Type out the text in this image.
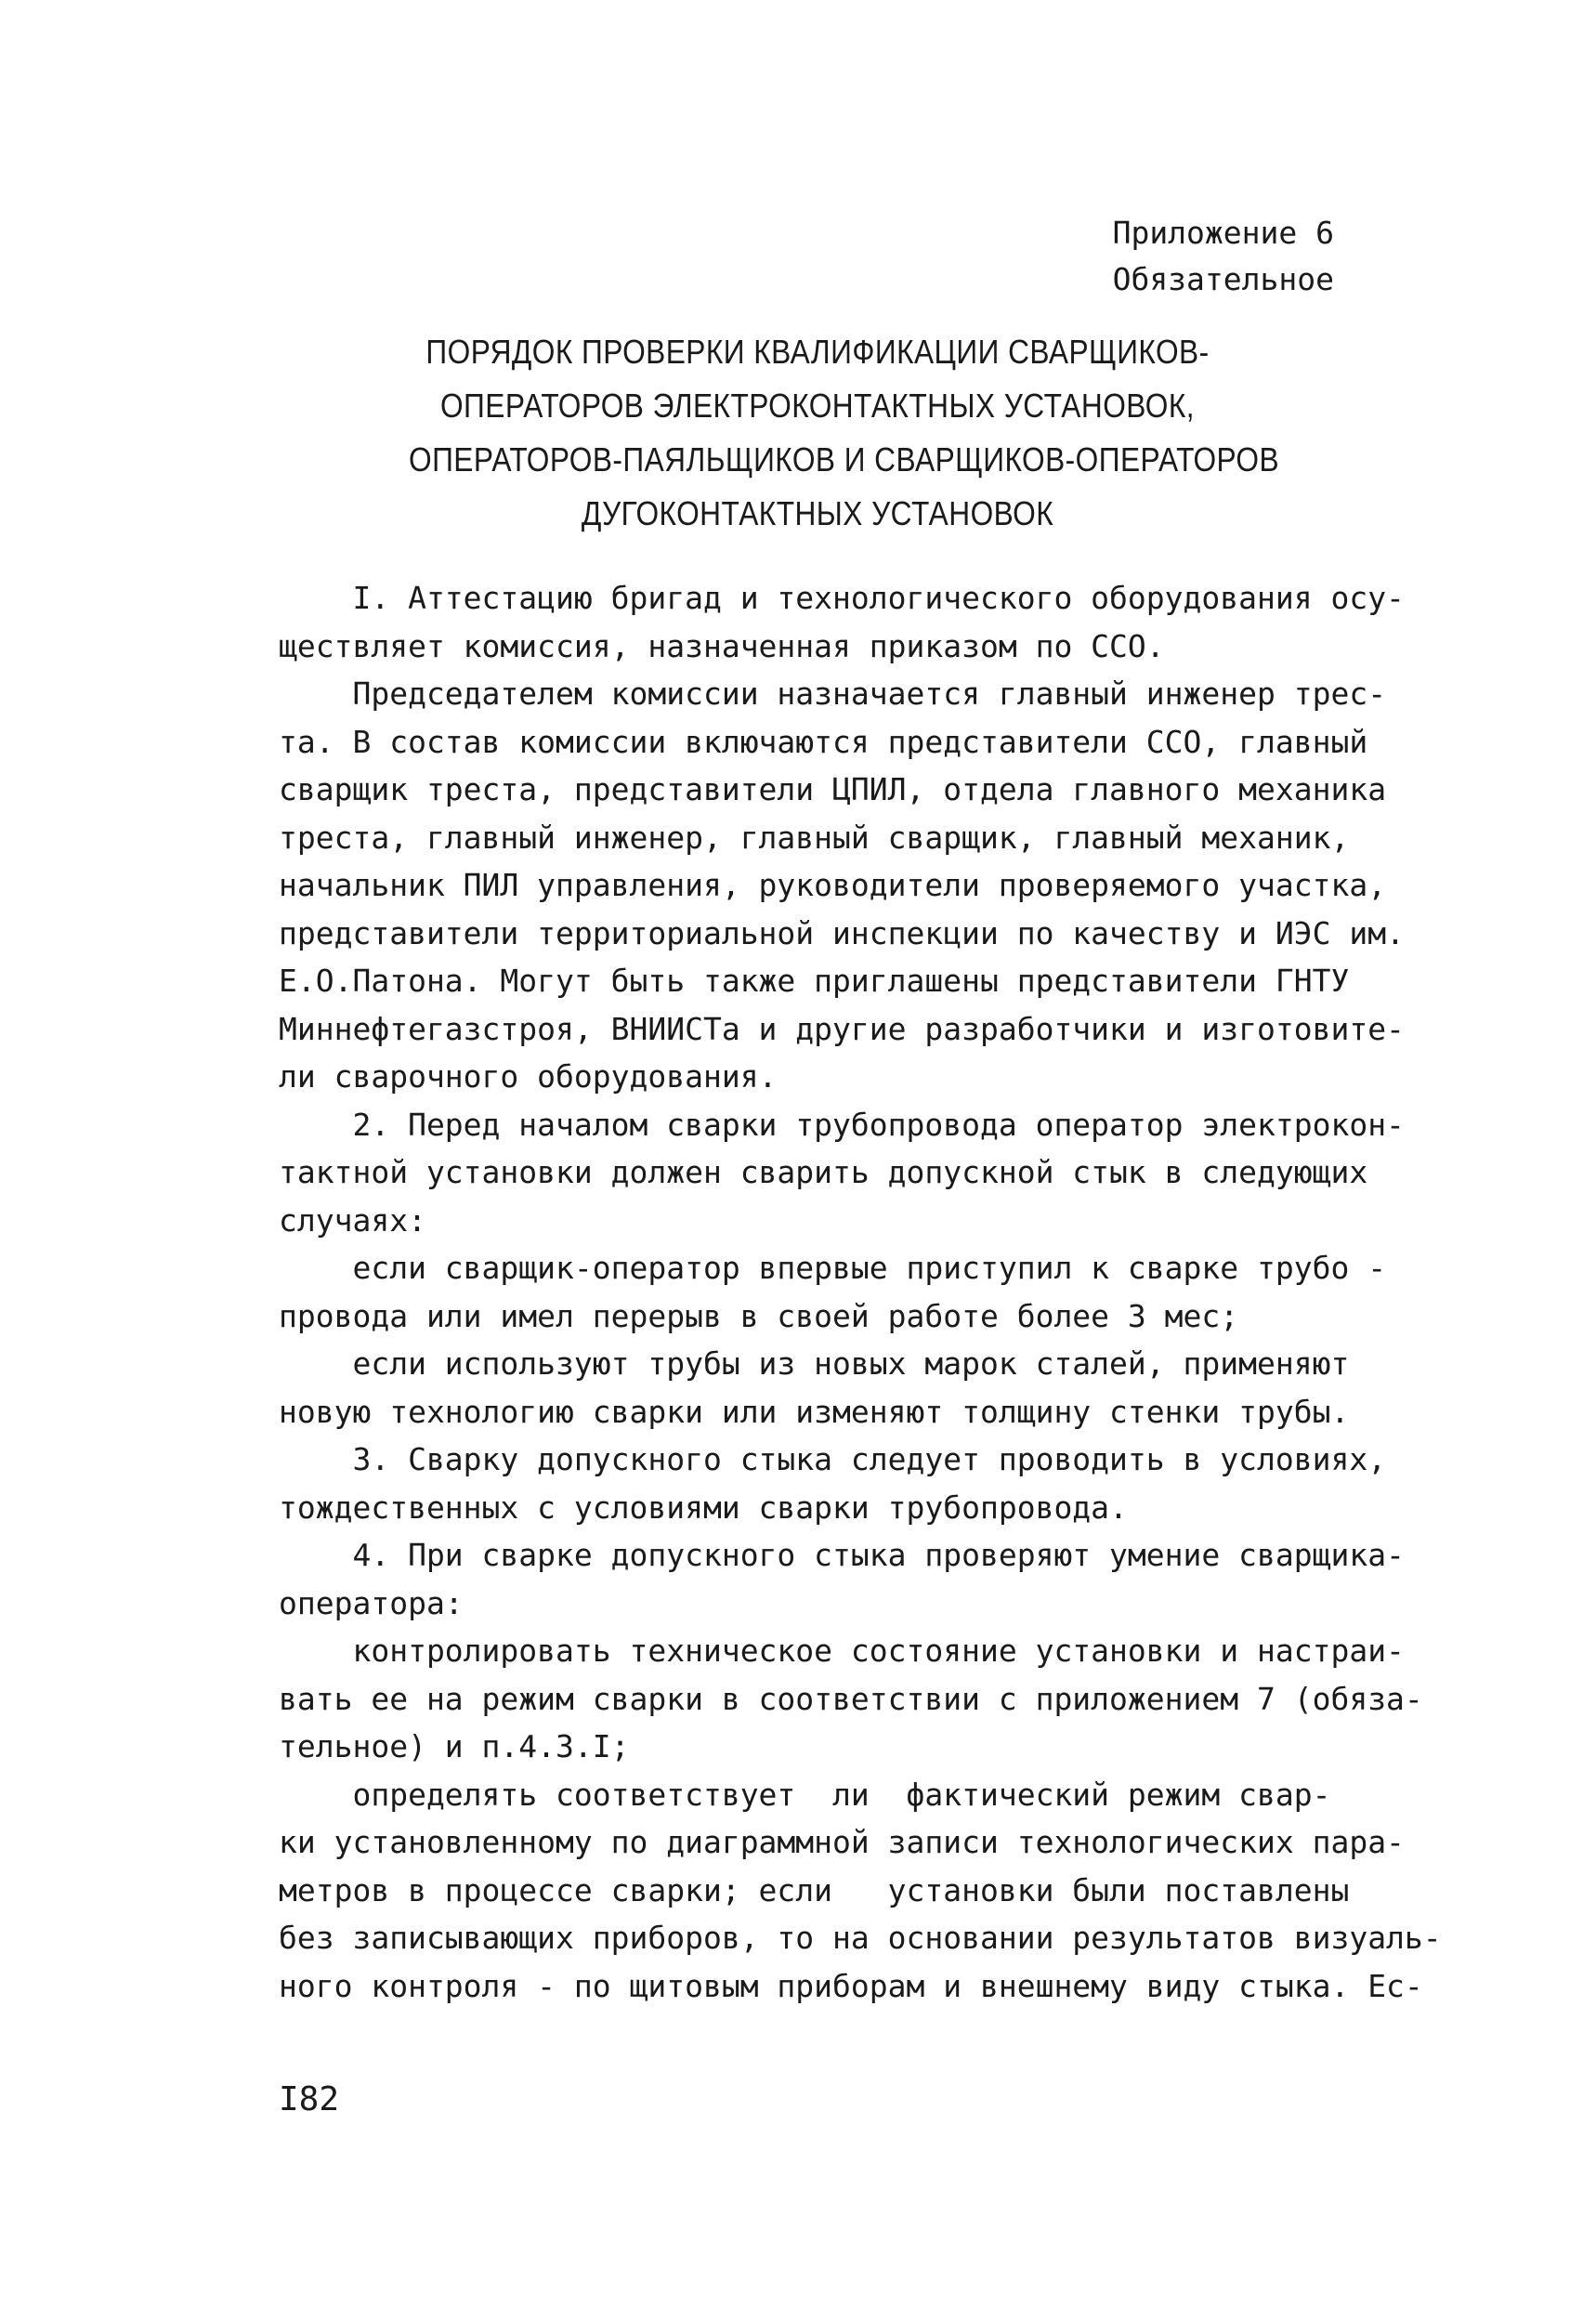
Приложение 6
Обязательное
ПОРЯДОК ПРОВЕРКИ КВАЛИФИКАЦИИ СВАРЩИКОВ-
ОПЕРАТОРОВ ЭЛЕКТРОКОНТАКТНЫХ УСТАНОВОК,
ОПЕРАТОРОВ-ПАЯЛЬЩИКОВ И СВАРЩИКОВ-ОПЕРАТОРОВ
ДУГОКОНТАКТНЫХ УСТАНОВОК
I. Аттестацию бригад и технологического оборудования осу-
ществляет комиссия, назначенная приказом по ССО.
Председателем комиссии назначается главный инженер трес-
та. В состав комиссии включаются представители ССО, главный
сварщик треста, представители ЦПИЛ, отдела главного механика
треста, главный инженер, главный сварщик, главный механик,
начальник ПИЛ управления, руководители проверяемого участка,
представители территориальной инспекции по качеству и ИЭС им.
Е.О.Патона. Могут быть также приглашены представители ГНТУ
Миннефтегазстроя, ВНИИСТа и другие разработчики и изготовите-
ли сварочного оборудования.
2. Перед началом сварки трубопровода оператор электрокон-
тактной установки должен сварить допускной стык в следующих
случаях:
если сварщик-оператор впервые приступил к сварке трубо -
провода или имел перерыв в своей работе более 3 мес;
если используют трубы из новых марок сталей, применяют
новую технологию сварки или изменяют толщину стенки трубы.
3. Сварку допускного стыка следует проводить в условиях,
тождественных с условиями сварки трубопровода.
4. При сварке допускного стыка проверяют умение сварщика-
оператора:
контролировать техническое состояние установки и настраи-
вать ее на режим сварки в соответствии с приложением 7 (обяза-
тельное) и п.4.3.I;
определять соответствует  ли  фактический режим свар-
ки установленному по диаграммной записи технологических пара-
метров в процессе сварки; если   установки были поставлены
без записывающих приборов, то на основании результатов визуаль-
ного контроля - по щитовым приборам и внешнему виду стыка. Ес-
I82
